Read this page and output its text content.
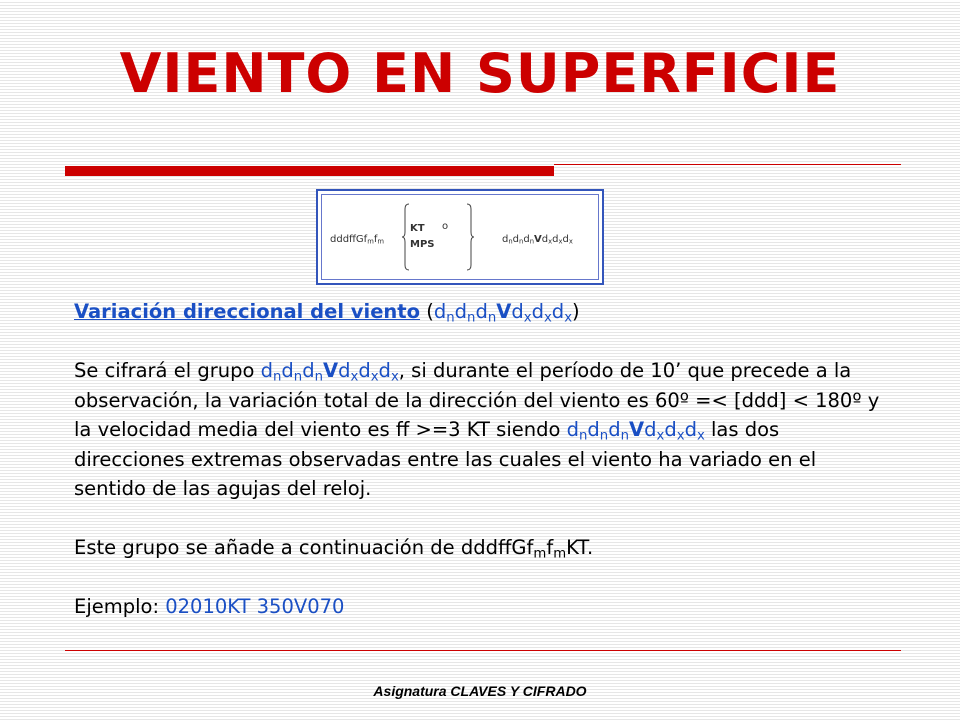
VIENTO EN SUPERFICIE
$dddffGf_mf_m$
KT
MPS
o
$d_nd_nd_nVd_xd_xd_x$

Variación direccional del viento $(d_nd_nd_nVd_xd_xd_x)$

Se cifrará el grupo $d_nd_nd_nVd_xd_xd_x$, si durante el período de 10’ que precede a la observación, la variación total de la dirección del viento es 60º =< [ddd] < 180º y la velocidad media del viento es ff >=3 KT siendo $d_nd_nd_nVd_xd_xd_x$ las dos direcciones extremas observadas entre las cuales el viento ha variado en el sentido de las agujas del reloj.

Este grupo se añade a continuación de $dddffGf_mf_mKT$.

Ejemplo: 02010KT 350V070

Asignatura CLAVES Y CIFRADO
